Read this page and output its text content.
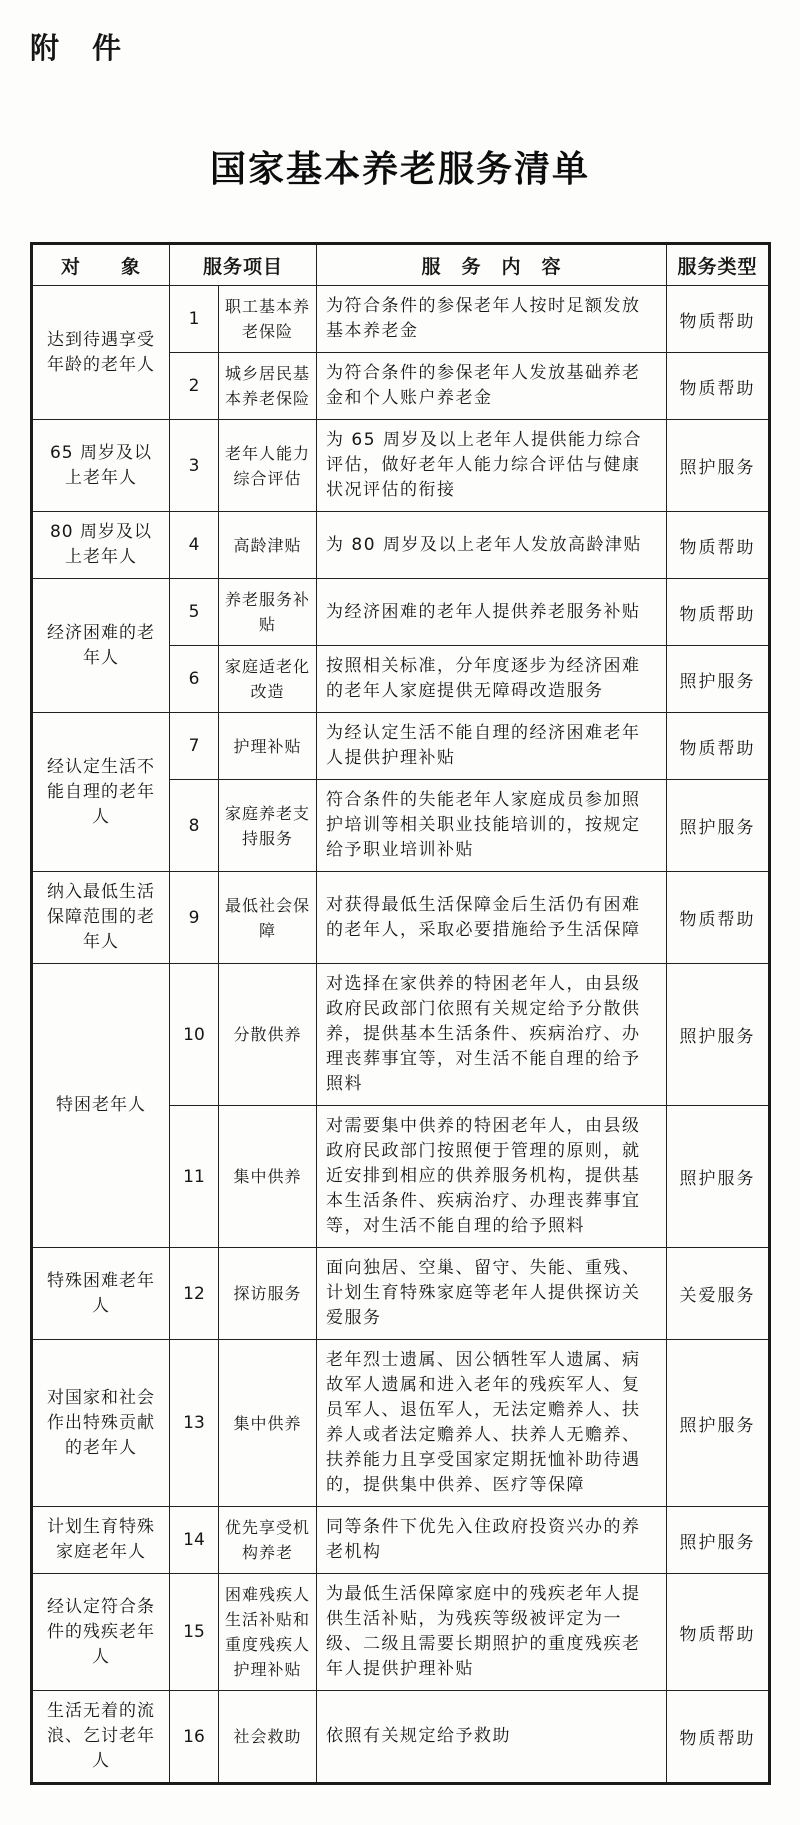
附　件
国家基本养老服务清单
对　　象	服务项目		服　务　内　容	服务类型
达到待遇享受年龄的老年人	1	职工基本养老保险	为符合条件的参保老年人按时足额发放基本养老金	物质帮助
	2	城乡居民基本养老保险	为符合条件的参保老年人发放基础养老金和个人账户养老金	物质帮助
65 周岁及以上老年人	3	老年人能力综合评估	为 65 周岁及以上老年人提供能力综合评估，做好老年人能力综合评估与健康状况评估的衔接	照护服务
80 周岁及以上老年人	4	高龄津贴	为 80 周岁及以上老年人发放高龄津贴	物质帮助
经济困难的老年人	5	养老服务补贴	为经济困难的老年人提供养老服务补贴	物质帮助
	6	家庭适老化改造	按照相关标准，分年度逐步为经济困难的老年人家庭提供无障碍改造服务	照护服务
经认定生活不能自理的老年人	7	护理补贴	为经认定生活不能自理的经济困难老年人提供护理补贴	物质帮助
	8	家庭养老支持服务	符合条件的失能老年人家庭成员参加照护培训等相关职业技能培训的，按规定给予职业培训补贴	照护服务
纳入最低生活保障范围的老年人	9	最低社会保障	对获得最低生活保障金后生活仍有困难的老年人，采取必要措施给予生活保障	物质帮助
特困老年人	10	分散供养	对选择在家供养的特困老年人，由县级政府民政部门依照有关规定给予分散供养，提供基本生活条件、疾病治疗、办理丧葬事宜等，对生活不能自理的给予照料	照护服务
	11	集中供养	对需要集中供养的特困老年人，由县级政府民政部门按照便于管理的原则，就近安排到相应的供养服务机构，提供基本生活条件、疾病治疗、办理丧葬事宜等，对生活不能自理的给予照料	照护服务
特殊困难老年人	12	探访服务	面向独居、空巢、留守、失能、重残、计划生育特殊家庭等老年人提供探访关爱服务	关爱服务
对国家和社会作出特殊贡献的老年人	13	集中供养	老年烈士遗属、因公牺牲军人遗属、病故军人遗属和进入老年的残疾军人、复员军人、退伍军人，无法定赡养人、扶养人或者法定赡养人、扶养人无赡养、扶养能力且享受国家定期抚恤补助待遇的，提供集中供养、医疗等保障	照护服务
计划生育特殊家庭老年人	14	优先享受机构养老	同等条件下优先入住政府投资兴办的养老机构	照护服务
经认定符合条件的残疾老年人	15	困难残疾人生活补贴和重度残疾人护理补贴	为最低生活保障家庭中的残疾老年人提供生活补贴，为残疾等级被评定为一级、二级且需要长期照护的重度残疾老年人提供护理补贴	物质帮助
生活无着的流浪、乞讨老年人	16	社会救助	依照有关规定给予救助	物质帮助
